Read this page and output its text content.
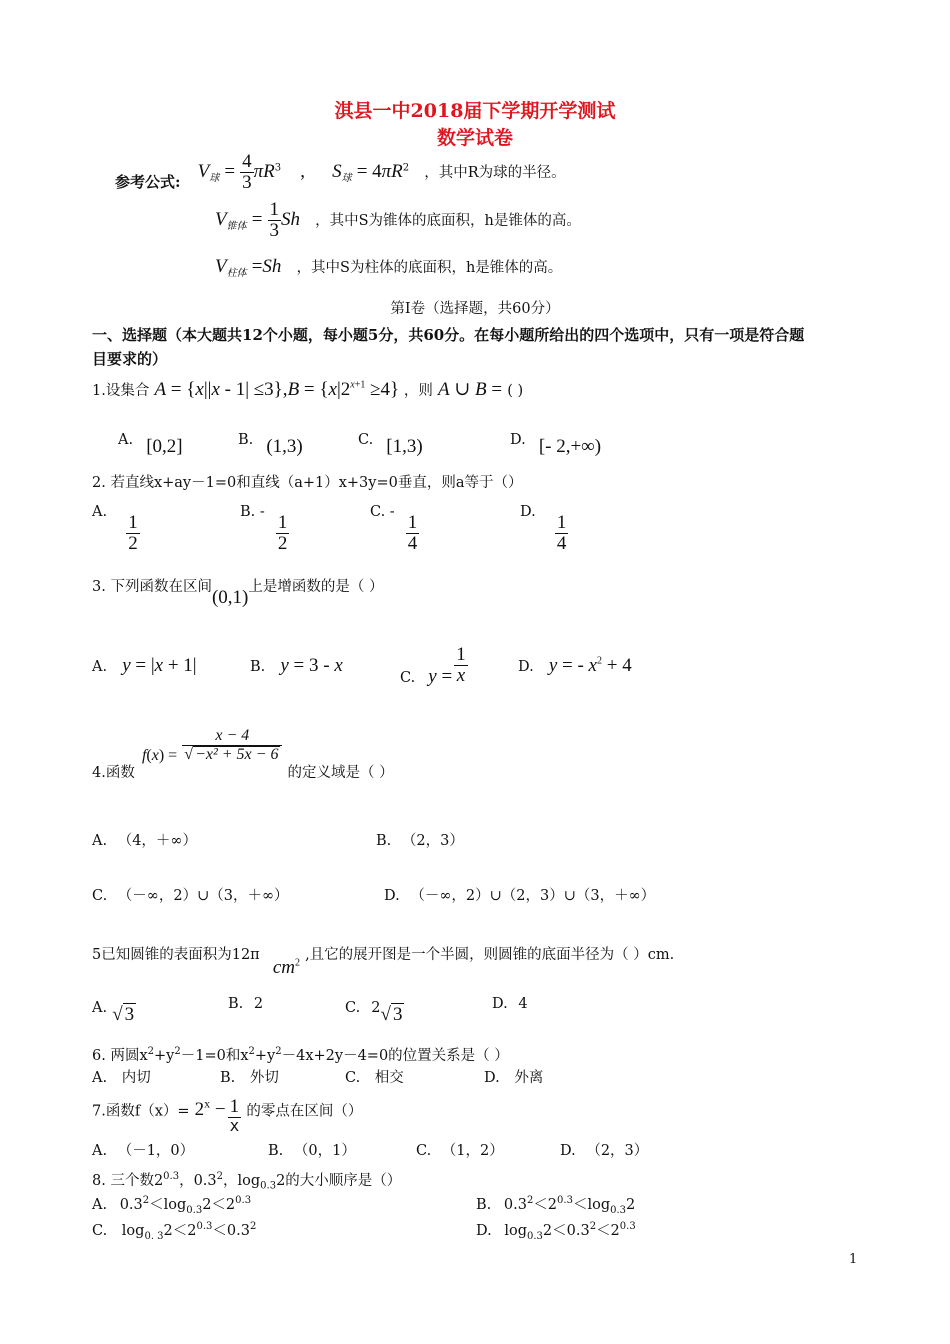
淇县一中2018届下学期开学测试
数学试卷
参考公式: $V_球 = \frac{4}{3} \pi R^3$ , $S_球 = 4\pi R^2$ ，其中R为球的半径。
$V_{锥体} = \frac{1}{3}$ Sh ，其中S为锥体的底面积，h是锥体的高。
$V_{柱体} =Sh$ ，其中S为柱体的底面积，h是锥体的高。
第I卷（选择题，共60分）
一、选择题（本大题共12个小题，每小题5分，共60分。在每小题所给出的四个选项中，只有一项是符合题
目要求的）
1.设集合 $A = \{x||x - 1| \le 3\},B = \{x|2^{x+1} \ge 4\}$ ，则 A ∪ B = ( )
A. [0,2]	B. (1,3)	C. [1,3)	D. [- 2,+∞)
2. 若直线x+ay－1=0和直线（a+1）x+3y=0垂直，则a等于（）
A.
$\frac{1}{2}$
B. -
$\frac{1}{2}$
C. -
$\frac{1}{4}$
D.
$\frac{1}{4}$
3. 下列函数在区间(0,1)上是增函数的是（ ）
A. y = |x + 1|	B. y = 3 - x
C. $y = \frac{1}{x}$	D. y = - $x^2 + 4$
4.函数 $f(x) = \frac{x - 4}{\text{√ −x² + 5x − 6}}$
的定义域是（ ）
A. （4，＋∞）	B. （2，3）
C. （－∞，2）∪（3，＋∞）	D. （－∞，2）∪（2，3）∪（3，＋∞）
5已知圆锥的表面积为12π $cm^2$ ,且它的展开图是一个半圆，则圆锥的底面半径为（ ）cm.
A. √ 3	B. 2	C. 2√ 3	D. 4
6. 两圆$x^2+y^2-1=0$和$x^2+y^2-4x+2y-4=0$的位置关系是（ ）
A. 内切	B. 外切	C. 相交	D. 外离
7.函数$f(x)= 2^x - \frac{1}{x}$ 的零点在区间（）
A. （－1，0）	B. （0，1）	C. （1，2）	D. （2，3）
8. 三个数$2^{0.3}$，$0.3^2$，$\log_{0.3}2$的大小顺序是（）
A. $0.3^2<\log_{0.3}2<2^{0.3}$	B. $0.3^2<2^{0.3}<\log_{0.3}2$
C. $\log_{0. 3}2<2^{0.3}<0.3^2$	D. $\log_{0.3}2<0.3^2<2^{0.3}$
1
